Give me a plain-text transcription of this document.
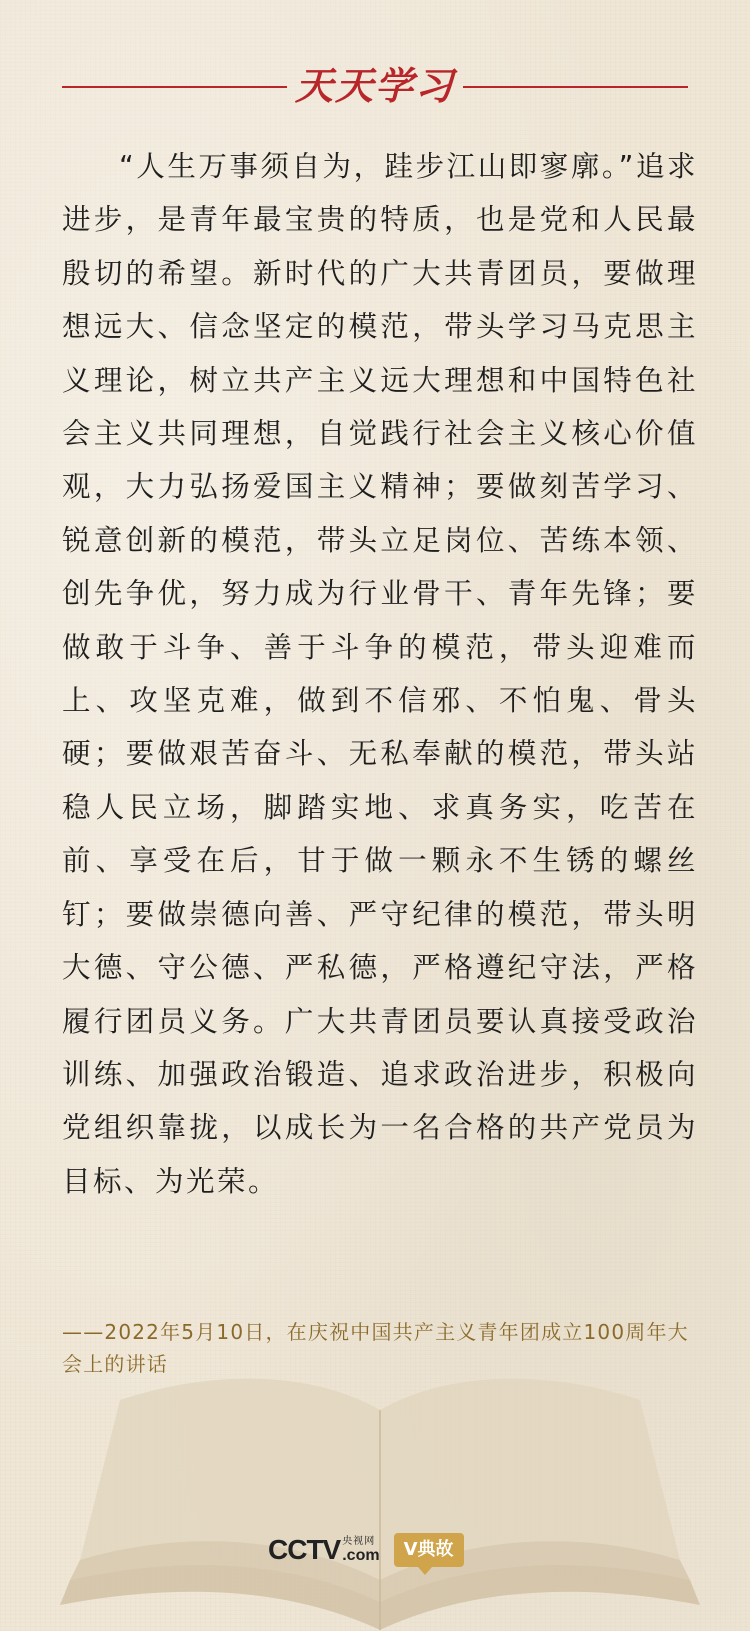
天天学习

“人生万事须自为，跬步江山即寥廓。”追求进步，是青年最宝贵的特质，也是党和人民最殷切的希望。新时代的广大共青团员，要做理想远大、信念坚定的模范，带头学习马克思主义理论，树立共产主义远大理想和中国特色社会主义共同理想，自觉践行社会主义核心价值观，大力弘扬爱国主义精神；要做刻苦学习、锐意创新的模范，带头立足岗位、苦练本领、创先争优，努力成为行业骨干、青年先锋；要做敢于斗争、善于斗争的模范，带头迎难而上、攻坚克难，做到不信邪、不怕鬼、骨头硬；要做艰苦奋斗、无私奉献的模范，带头站稳人民立场，脚踏实地、求真务实，吃苦在前、享受在后，甘于做一颗永不生锈的螺丝钉；要做崇德向善、严守纪律的模范，带头明大德、守公德、严私德，严格遵纪守法，严格履行团员义务。广大共青团员要认真接受政治训练、加强政治锻造、追求政治进步，积极向党组织靠拢，以成长为一名合格的共产党员为目标、为光荣。

——2022年5月10日，在庆祝中国共产主义青年团成立100周年大会上的讲话

CCTV 央视网
.com	V典故
